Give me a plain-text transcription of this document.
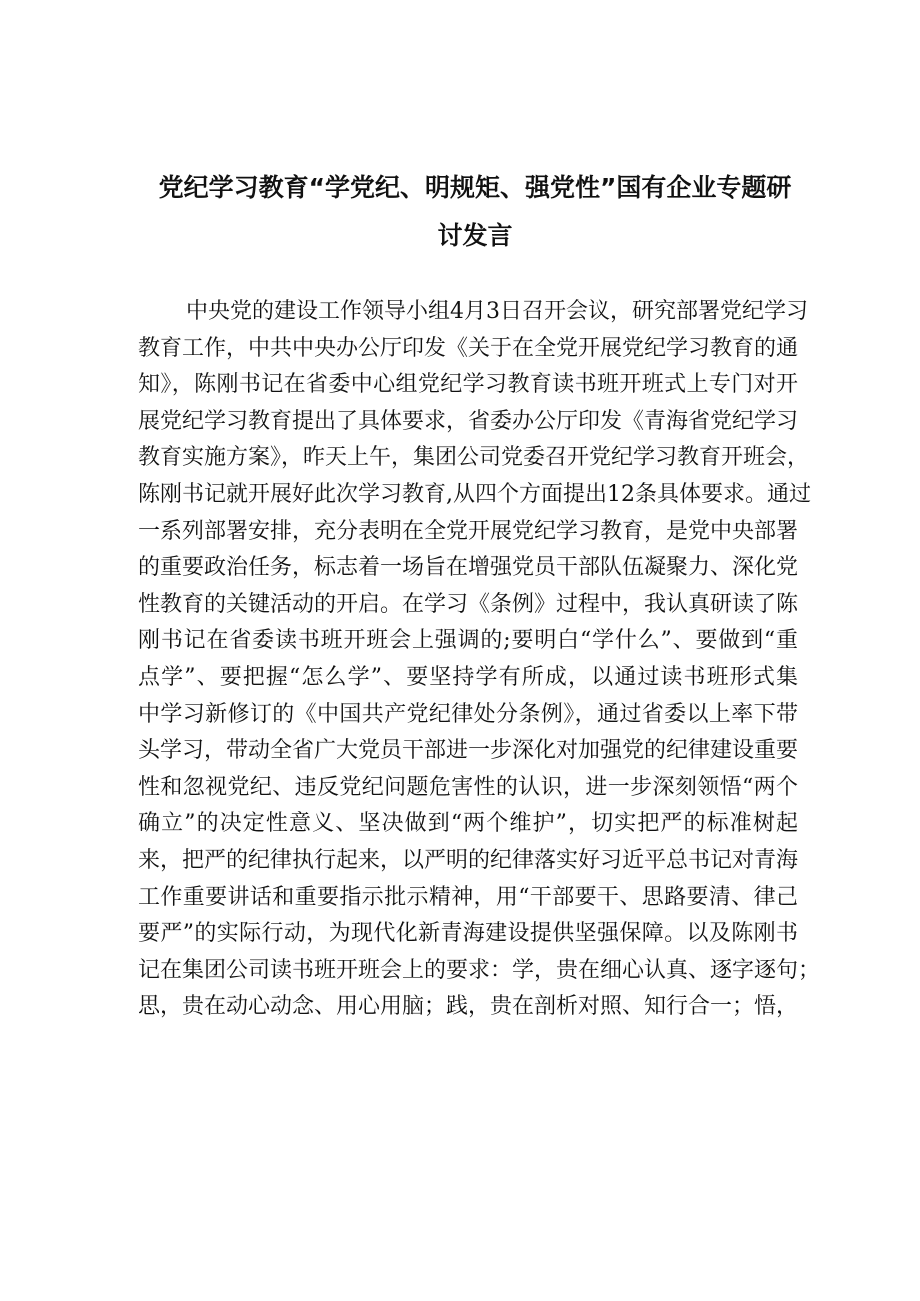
党纪学习教育“学党纪、明规矩、强党性”国有企业专题研
讨发言
中央党的建设工作领导小组4月3日召开会议，研究部署党纪学习
教育工作，中共中央办公厅印发《关于在全党开展党纪学习教育的通
知》，陈刚书记在省委中心组党纪学习教育读书班开班式上专门对开
展党纪学习教育提出了具体要求，省委办公厅印发《青海省党纪学习
教育实施方案》，昨天上午，集团公司党委召开党纪学习教育开班会，
陈刚书记就开展好此次学习教育,从四个方面提出12条具体要求。通过
一系列部署安排，充分表明在全党开展党纪学习教育，是党中央部署
的重要政治任务，标志着一场旨在增强党员干部队伍凝聚力、深化党
性教育的关键活动的开启。在学习《条例》过程中，我认真研读了陈
刚书记在省委读书班开班会上强调的;要明白“学什么”、要做到“重
点学”、要把握“怎么学”、要坚持学有所成，以通过读书班形式集
中学习新修订的《中国共产党纪律处分条例》，通过省委以上率下带
头学习，带动全省广大党员干部进一步深化对加强党的纪律建设重要
性和忽视党纪、违反党纪问题危害性的认识，进一步深刻领悟“两个
确立”的决定性意义、坚决做到“两个维护”，切实把严的标准树起
来，把严的纪律执行起来，以严明的纪律落实好习近平总书记对青海
工作重要讲话和重要指示批示精神，用“干部要干、思路要清、律己
要严”的实际行动，为现代化新青海建设提供坚强保障。以及陈刚书
记在集团公司读书班开班会上的要求：学，贵在细心认真、逐字逐句；
思，贵在动心动念、用心用脑；践，贵在剖析对照、知行合一；悟，
